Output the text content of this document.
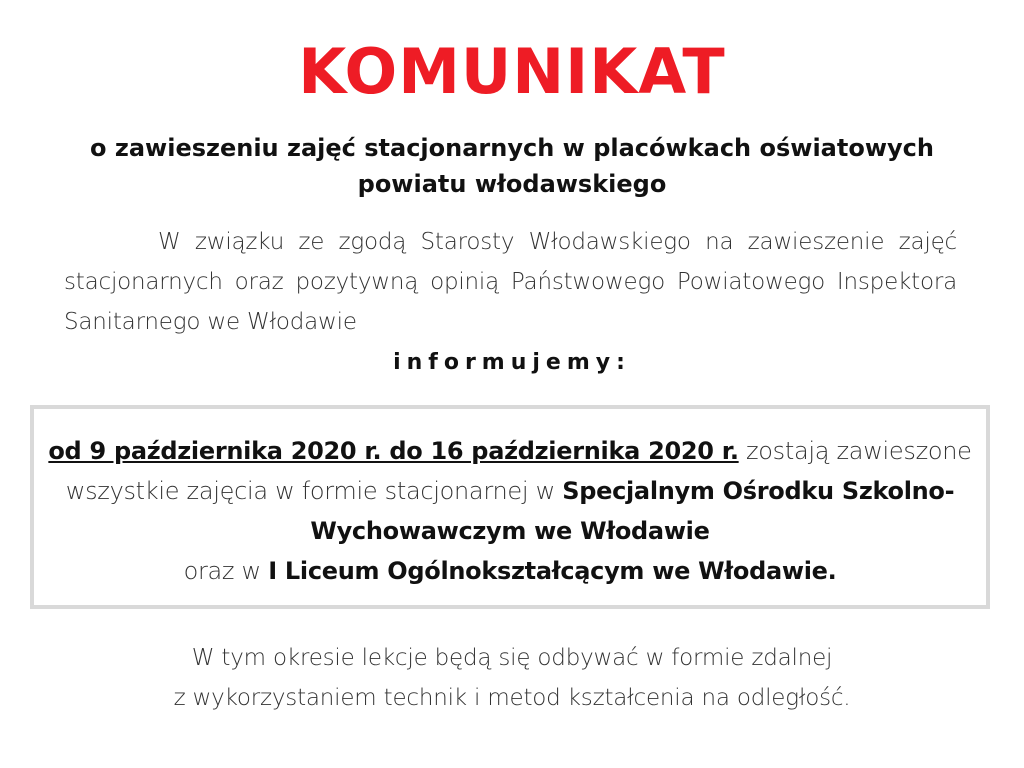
KOMUNIKAT
o zawieszeniu zajęć stacjonarnych w placówkach oświatowych
powiatu włodawskiego
W związku ze zgodą Starosty Włodawskiego na zawieszenie zajęć stacjonarnych oraz pozytywną opinią Państwowego Powiatowego Inspektora Sanitarnego we Włodawie
informujemy:
od 9 października 2020 r. do 16 października 2020 r. zostają zawieszone wszystkie zajęcia w formie stacjonarnej w Specjalnym Ośrodku Szkolno-Wychowawczym we Włodawie
oraz w I Liceum Ogólnokształcącym we Włodawie.
W tym okresie lekcje będą się odbywać w formie zdalnej
z wykorzystaniem technik i metod kształcenia na odległość.
